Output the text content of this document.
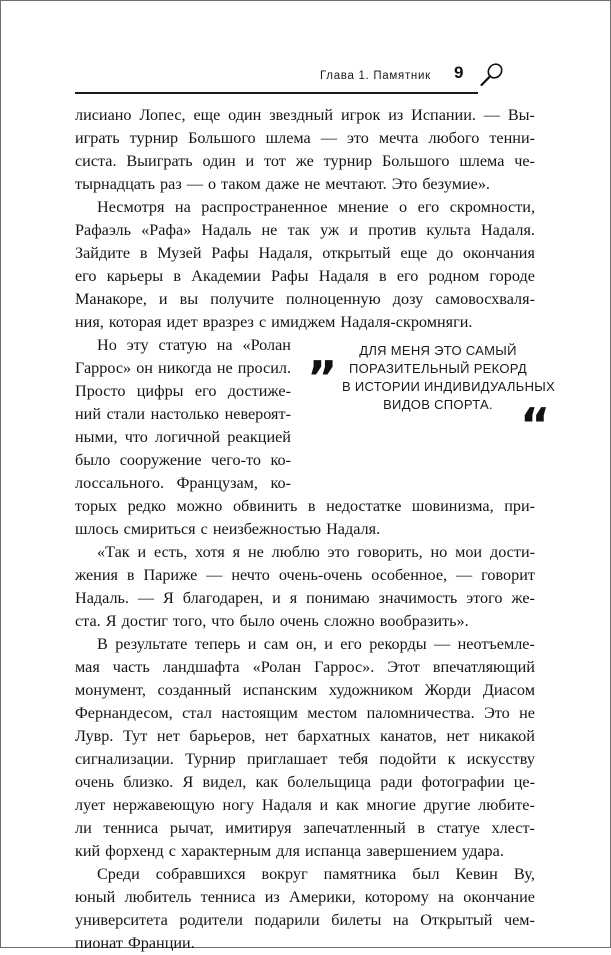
Глава 1. Памятник 9
лисиано Лопес, еще один звездный игрок из Испании. — Вы-
играть турнир Большого шлема — это мечта любого тенни-
систа. Выиграть один и тот же турнир Большого шлема че-
тырнадцать раз — о таком даже не мечтают. Это безумие».
Несмотря на распространенное мнение о его скромности,
Рафаэль «Рафа» Надаль не так уж и против культа Надаля.
Зайдите в Музей Рафы Надаля, открытый еще до окончания
его карьеры в Академии Рафы Надаля в его родном городе
Манакоре, и вы получите полноценную дозу самовосхваля-
ния, которая идет вразрез с имиджем Надаля-скромняги.
Но эту статую на «Ролан
Гаррос» он никогда не просил.
Просто цифры его достиже-
ний стали настолько невероят-
ными, что логичной реакцией
было сооружение чего-то ко-
лоссального. Французам, ко-
торых редко можно обвинить в недостатке шовинизма, при-
шлось смириться с неизбежностью Надаля.
«Так и есть, хотя я не люблю это говорить, но мои дости-
жения в Париже — нечто очень-очень особенное, — говорит
Надаль. — Я благодарен, и я понимаю значимость этого же-
ста. Я достиг того, что было очень сложно вообразить».
В результате теперь и сам он, и его рекорды — неотъемле-
мая часть ландшафта «Ролан Гаррос». Этот впечатляющий
монумент, созданный испанским художником Жорди Диасом
Фернандесом, стал настоящим местом паломничества. Это не
Лувр. Тут нет барьеров, нет бархатных канатов, нет никакой
сигнализации. Турнир приглашает тебя подойти к искусству
очень близко. Я видел, как болельщица ради фотографии це-
лует нержавеющую ногу Надаля и как многие другие любите-
ли тенниса рычат, имитируя запечатленный в статуе хлест-
кий форхенд с характерным для испанца завершением удара.
Среди собравшихся вокруг памятника был Кевин Ву,
юный любитель тенниса из Америки, которому на окончание
университета родители подарили билеты на Открытый чем-
пионат Франции.
„	ДЛЯ МЕНЯ ЭТО САМЫЙ
ПОРАЗИТЕЛЬНЫЙ РЕКОРД
В ИСТОРИИ ИНДИВИДУАЛЬНЫХ
ВИДОВ СПОРТА. “
